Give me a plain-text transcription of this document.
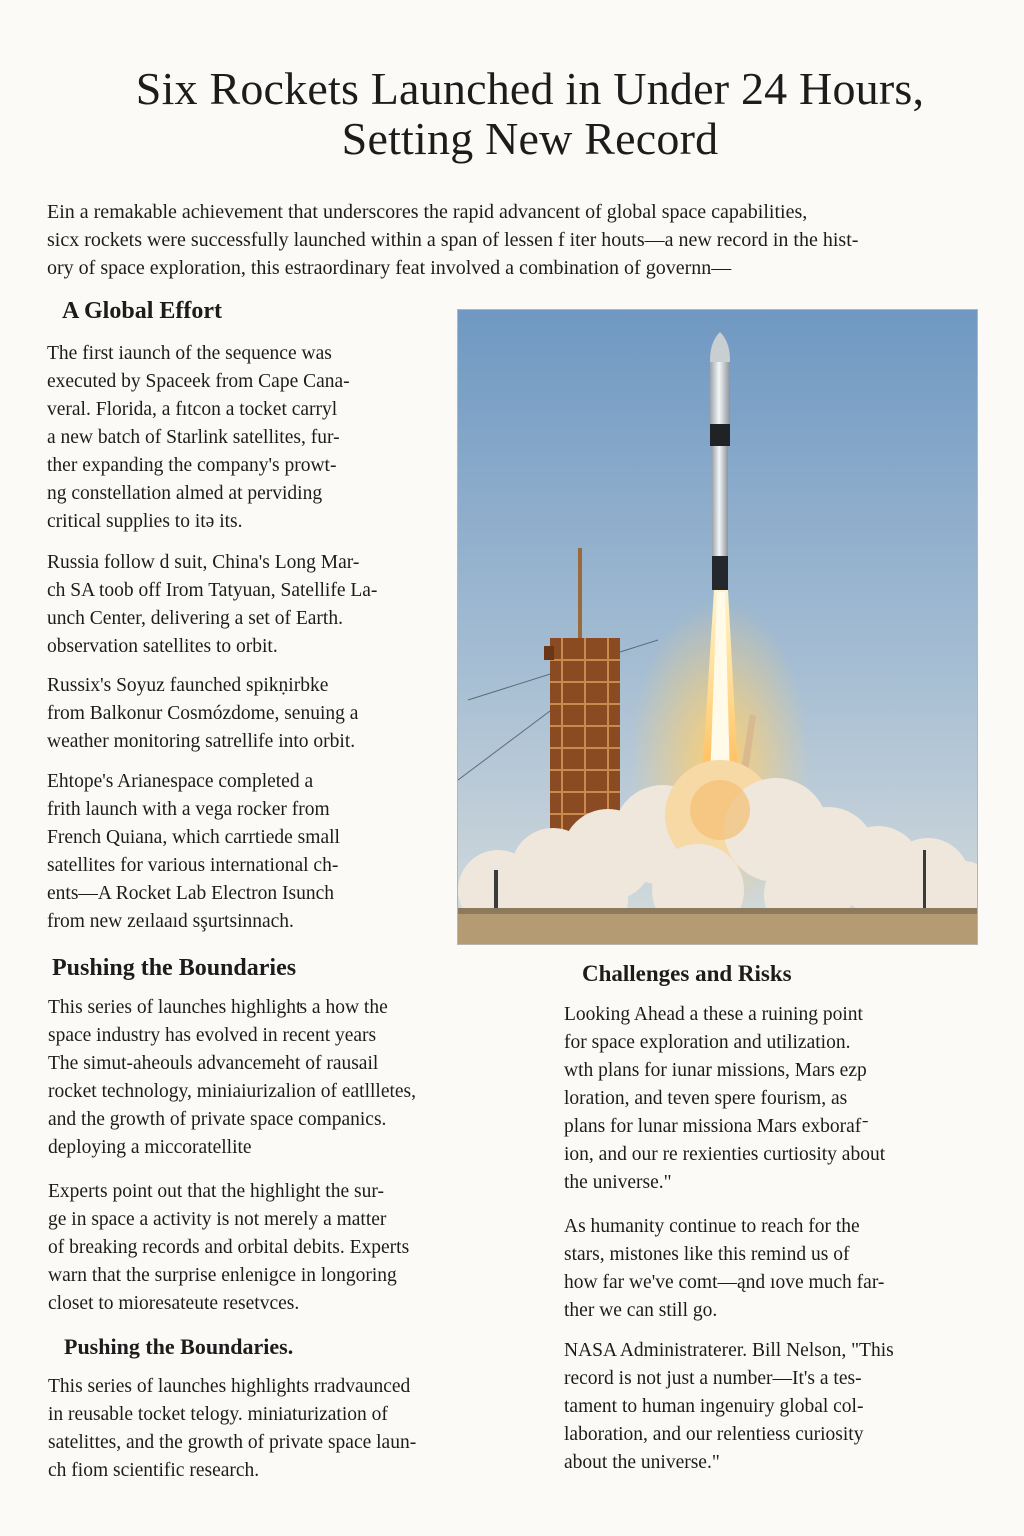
Six Rockets Launched in Under 24 Hours, Setting New Record

Ein a remakable achievement that underscores the rapid advancent of global space capabilities,
sicx rockets were successfully launched within a span of lessen f iter houts—a new record in the hist-
ory of space exploration, this estraordinary feat involved a combination of governn—

A Global Effort

The first iaunch of the sequence was
executed by Spaceek from Cape Cana-
veral. Florida, a fıtcon a tocket carryl
a new batch of Starlink satellites, fur-
ther expanding the company's prowt-
ng constellation almed at perviding
critical supplies to itə its.

Russia follow d suit, China's Long Mar-
ch SA toob off Irom Tatyuan, Satellife La-
unch Center, delivering a set of Earth.
observation satellites to orbit.

Russix's Soyuz faunched spikṇirbke
from Balkonur Cosmózdome, senuing a
weather monitoring satrellife into orbit.

Ehtope's Arianespace completed a
frith launch with a vega rocker from
French Quiana, which carrtiede small
satellites for various international ch-
ents—A Rocket Lab Electron Isunch
from new zeılaaıd sşurtsinnach.

Pushing the Boundaries

This series of launches highlighʦ a how the
space industry has evolved in recent years
The simut-aheouls advancemeht of rausail
rocket technology, miniaiurizalion of eatllletes,
and the growth of private space companics.
deploying a miccoratellite

Experts point out that the highlight the sur-
ge in space a activity is not merely a matter
of breaking records and orbital debits. Experts
warn that the surprise enlenigce in longoring
closet to mioresateute resetvces.

Pushing the Boundaries.

This series of launches highlights rradvaunced
in reusable tocket telogy. miniaturization of
satelittes, and the growth of private space laun-
ch fiom scientific research.

Challenges and Risks

Looking Ahead a these a ruining point
for space exploration and utilization.
wth plans for iunar missions, Mars ezp
loration, and teven spere fourism, as
plans for lunar missiona Mars exborafᐨ
ion, and our re rexienties curtiosity about
the universe."

As humanity continue to reach for the
stars, mistones like this remind us of
how far we've comt—ąnd ıove much far-
ther we can still go.

NASA Administraterer. Bill Nelson, "This
record is not just a number—It's a tes-
tament to human ingenuiry global col-
laboration, and our relentiess curiosity
about the universe."
